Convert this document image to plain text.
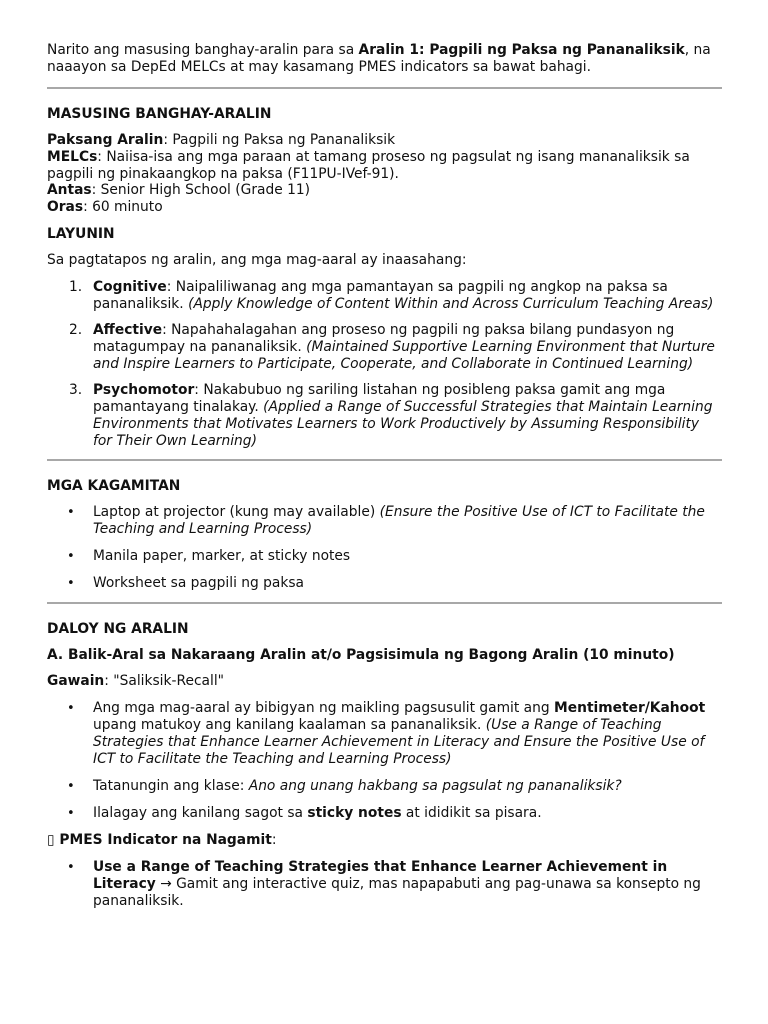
Narito ang masusing banghay-aralin para sa Aralin 1: Pagpili ng Paksa ng Pananaliksik, na naaayon sa DepEd MELCs at may kasamang PMES indicators sa bawat bahagi.

MASUSING BANGHAY-ARALIN

Paksang Aralin: Pagpili ng Paksa ng Pananaliksik

MELCs: Naiisa-isa ang mga paraan at tamang proseso ng pagsulat ng isang mananaliksik sa pagpili ng pinakaangkop na paksa (F11PU-IVef-91).

Antas: Senior High School (Grade 11)

Oras: 60 minuto

LAYUNIN

Sa pagtatapos ng aralin, ang mga mag-aaral ay inaasahang:

1. Cognitive: Naipaliliwanag ang mga pamantayan sa pagpili ng angkop na paksa sa pananaliksik. (Apply Knowledge of Content Within and Across Curriculum Teaching Areas)
2. Affective: Napahahalagahan ang proseso ng pagpili ng paksa bilang pundasyon ng matagumpay na pananaliksik. (Maintained Supportive Learning Environment that Nurture and Inspire Learners to Participate, Cooperate, and Collaborate in Continued Learning)
3. Psychomotor: Nakabubuo ng sariling listahan ng posibleng paksa gamit ang mga pamantayang tinalakay. (Applied a Range of Successful Strategies that Maintain Learning Environments that Motivates Learners to Work Productively by Assuming Responsibility for Their Own Learning)

MGA KAGAMITAN

• Laptop at projector (kung may available) (Ensure the Positive Use of ICT to Facilitate the Teaching and Learning Process)
• Manila paper, marker, at sticky notes
• Worksheet sa pagpili ng paksa

DALOY NG ARALIN

A. Balik-Aral sa Nakaraang Aralin at/o Pagsisimula ng Bagong Aralin (10 minuto)

Gawain: "Saliksik-Recall"

• Ang mga mag-aaral ay bibigyan ng maikling pagsusulit gamit ang Mentimeter/Kahoot upang matukoy ang kanilang kaalaman sa pananaliksik. (Use a Range of Teaching Strategies that Enhance Learner Achievement in Literacy and Ensure the Positive Use of ICT to Facilitate the Teaching and Learning Process)
• Tatanungin ang klase: Ano ang unang hakbang sa pagsulat ng pananaliksik?
• Ilalagay ang kanilang sagot sa sticky notes at ididikit sa pisara.

▯ PMES Indicator na Nagamit:

• Use a Range of Teaching Strategies that Enhance Learner Achievement in Literacy → Gamit ang interactive quiz, mas napapabuti ang pag-unawa sa konsepto ng pananaliksik.
